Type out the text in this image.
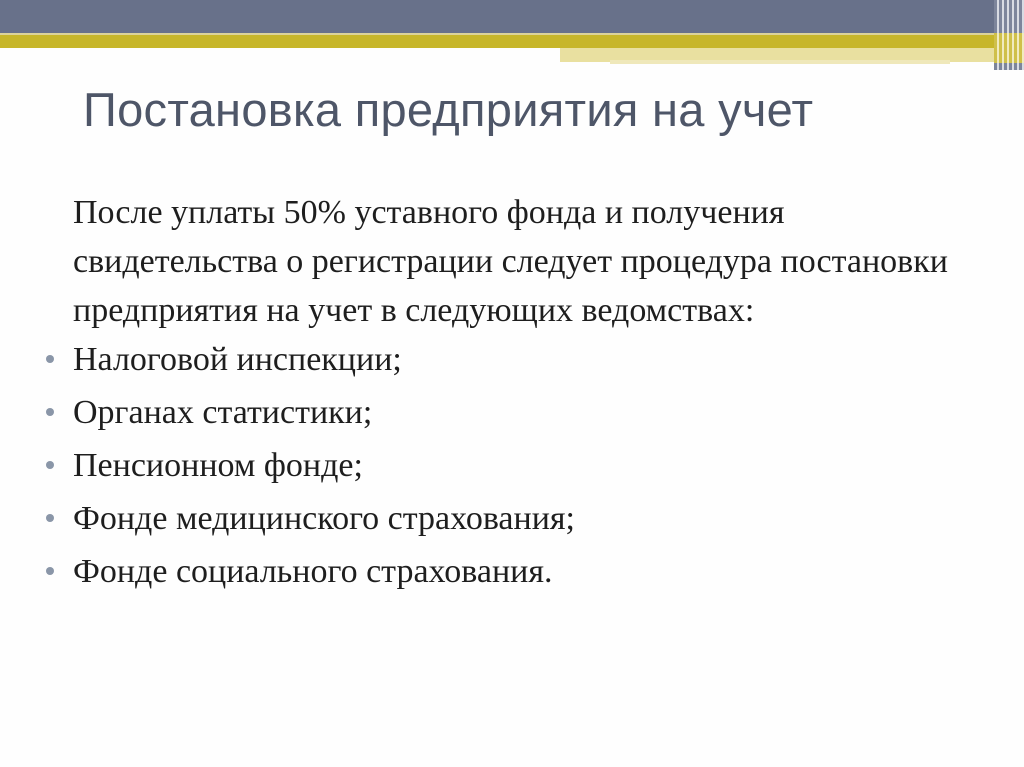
Постановка предприятия на учет

После уплаты 50% уставного фонда и получения свидетельства о регистрации следует процедура постановки предприятия на учет в следующих ведомствах:

Налоговой инспекции;
Органах статистики;
Пенсионном фонде;
Фонде медицинского страхования;
Фонде социального страхования.
